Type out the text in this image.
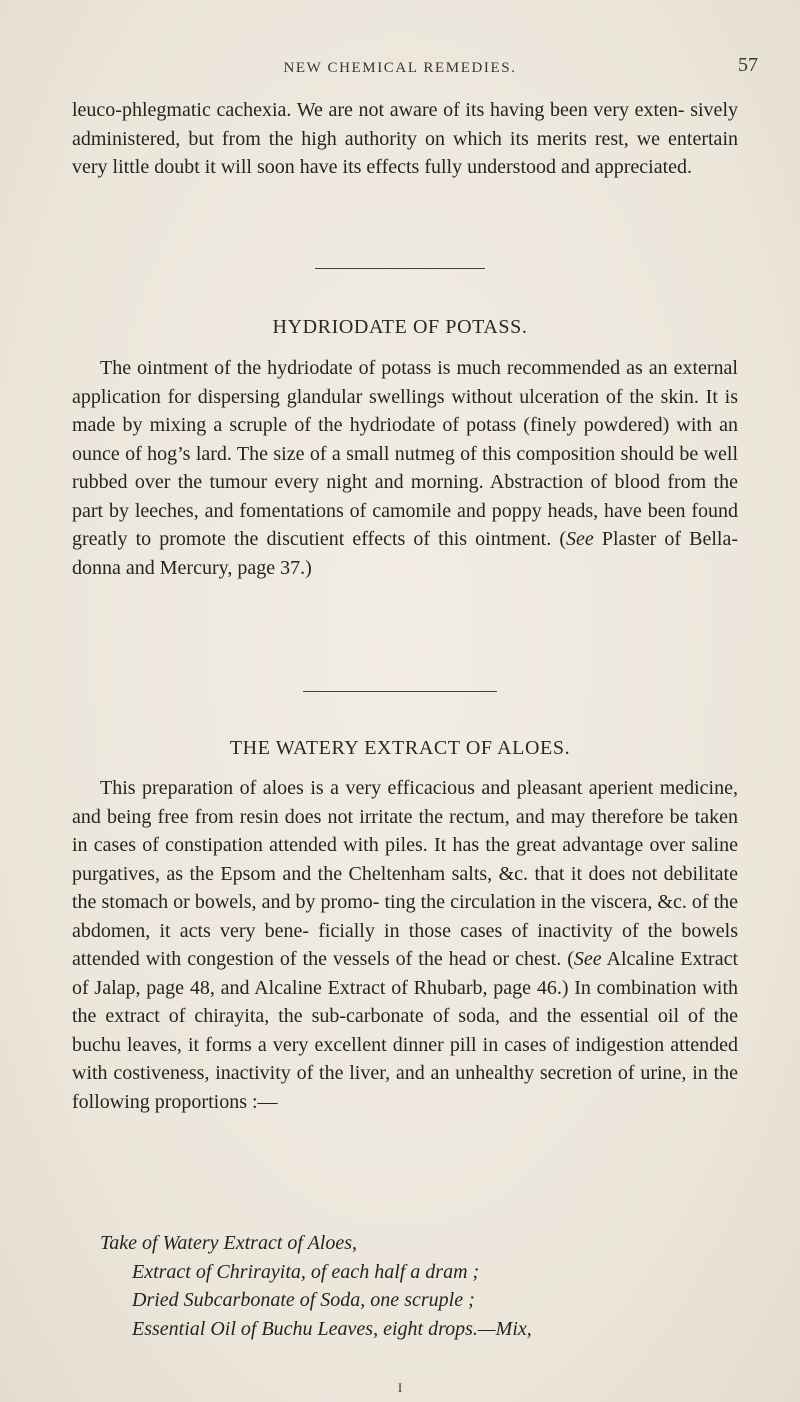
NEW CHEMICAL REMEDIES.	57

leuco-phlegmatic cachexia. We are not aware of its having been very exten- sively administered, but from the high authority on which its merits rest, we entertain very little doubt it will soon have its effects fully understood and appreciated.

HYDRIODATE OF POTASS.

The ointment of the hydriodate of potass is much recommended as an external application for dispersing glandular swellings without ulceration of the skin. It is made by mixing a scruple of the hydriodate of potass (finely powdered) with an ounce of hog’s lard. The size of a small nutmeg of this composition should be well rubbed over the tumour every night and morning. Abstraction of blood from the part by leeches, and fomentations of camomile and poppy heads, have been found greatly to promote the discutient effects of this ointment. (See Plaster of Bella- donna and Mercury, page 37.)

THE WATERY EXTRACT OF ALOES.

This preparation of aloes is a very efficacious and pleasant aperient medicine, and being free from resin does not irritate the rectum, and may therefore be taken in cases of constipation attended with piles. It has the great advantage over saline purgatives, as the Epsom and the Cheltenham salts, &c. that it does not debilitate the stomach or bowels, and by promo- ting the circulation in the viscera, &c. of the abdomen, it acts very bene- ficially in those cases of inactivity of the bowels attended with congestion of the vessels of the head or chest. (See Alcaline Extract of Jalap, page 48, and Alcaline Extract of Rhubarb, page 46.) In combination with the extract of chirayita, the sub-carbonate of soda, and the essential oil of the buchu leaves, it forms a very excellent dinner pill in cases of indigestion attended with costiveness, inactivity of the liver, and an unhealthy secretion of urine, in the following proportions :—

Take of Watery Extract of Aloes,
Extract of Chrirayita, of each half a dram ;
Dried Subcarbonate of Soda, one scruple ;
Essential Oil of Buchu Leaves, eight drops.—Mix,
I
